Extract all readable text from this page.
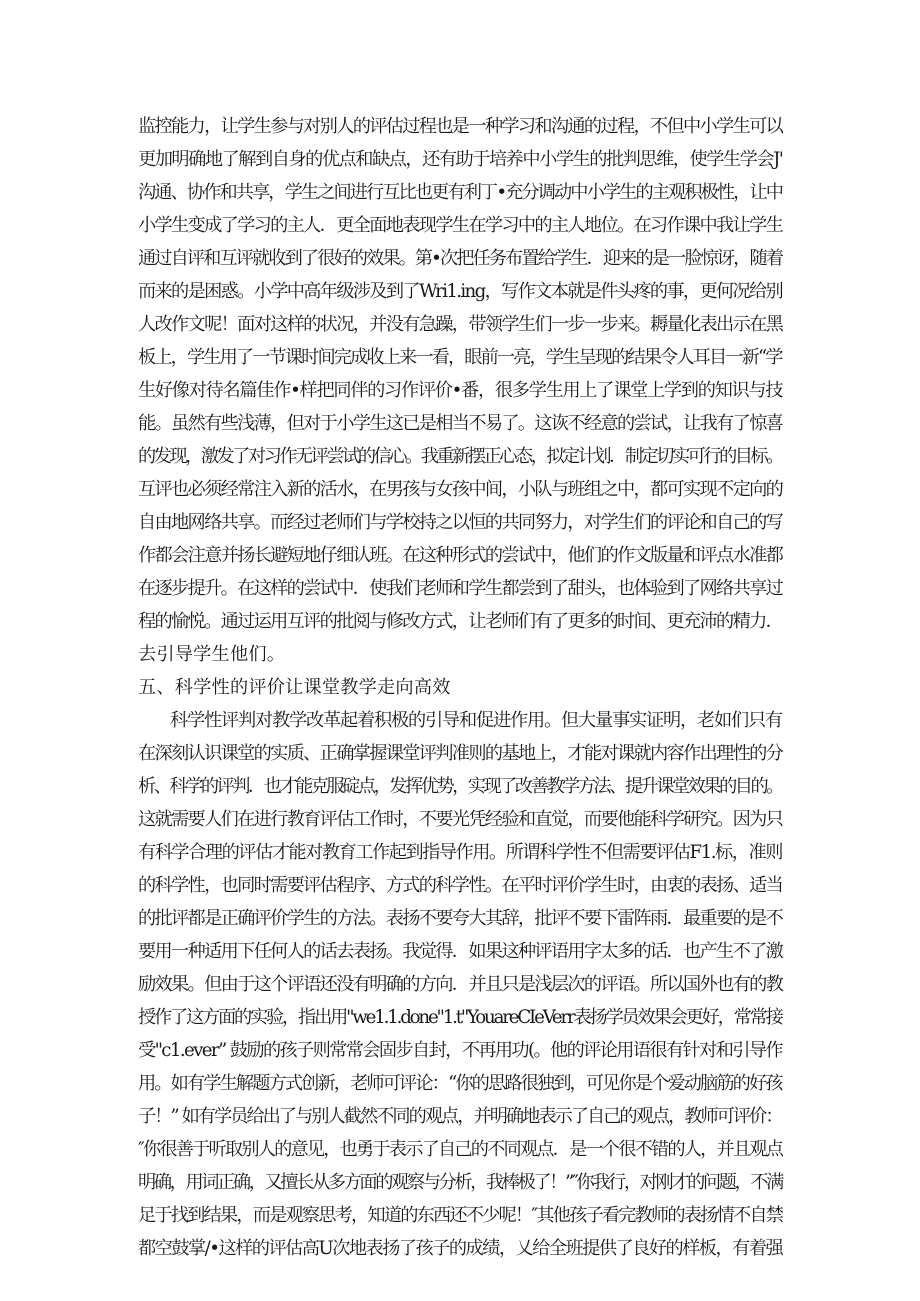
监控能力，让学生参与对别人的评估过程也是一种学习和沟通的过程，不但中小学生可以
更加明确地了解到自身的优点和缺点，还有助于培养中小学生的批判思维，使学生学会J'
沟通、协作和共享，学生之间进行互比也更有利丁•充分调动中小学生的主观积极性，让中
小学生变成了学习的主人．更全面地表现学生在学习中的主人地位。在习作课中我让学生
通过自评和互评就收到了很好的效果。第•次把任务布置给学生．迎来的是一脸惊讶，随着
而来的是困惑。小学中高年级涉及到了Wri1.ing，写作文本就是件头疼的事，更何况给别
人改作文呢！面对这样的状况，并没有急躁，带领学生们一步一步来。耨量化表出示在黑
板上，学生用了一节课时间完成收上来一看，眼前一亮，学生呈现的结果令人耳目一新“学
生好像对待名篇佳作•样把同伴的习作评价•番，很多学生用上了课堂上学到的知识与技
能。虽然有些浅薄，但对于小学生这已是相当不易了。这诙不经意的尝试，让我有了惊喜
的发现，激发了对习作无评尝试的信心。我重新摆正心态，拟定计划．制定切实可行的目标。
互评也必须经常注入新的活水，在男孩与女孩中间，小队与班组之中，都可实现不定向的
自由地网络共享。而经过老师们与学校持之以恒的共同努力，对学生们的评论和自己的写
作都会注意并扬长避短地仔细认班。在这种形式的尝试中，他们的作文版量和评点水准都
在逐步提升。在这样的尝试中．使我们老师和学生都尝到了甜头，也体验到了网络共享过
程的愉悦。通过运用互评的批阅与修改方式，让老师们有了更多的时间、更充沛的精力．
去引导学生他们。
五、科学性的评价让课堂教学走向高效
科学性评判对教学改革起着积极的引导和促进作用。但大量事实证明，老如们只有
在深刻认识课堂的实质、正确掌握课堂评判准则的基地上，才能对课就内容作出理性的分
析、科学的评判．也才能克服碇点，发挥优势，实现了改善教学方法、提升课堂效果的目的。
这就需要人们在进行教育评估工作时，不要光凭经验和直觉，而要他能科学研究。因为只
有科学合理的评估才能对教育工作起到指导作用。所谓科学性不但需要评估F1.标，准则
的科学性，也同时需要评估程序、方式的科学性。在平时评价学生时，由衷的表扬、适当
的批评都是正确评价学生的方法。表扬不要夸大其辞，批评不要下雷阵雨．最重要的是不
要用一种适用下任何人的话去表扬。我觉得．如果这种评语用字太多的话．也产生不了激
励效果。但由于这个评语还没有明确的方向．并且只是浅层次的评语。所以国外也有的教
授作了这方面的实验，指出用"we1.1.done"1.t"YouareCIeVerr表扬学员效果会更好，常常接
受"c1.ever” 鼓励的孩子则常常会固步自封，不再用功(。他的评论用语很有针对和引导作
用。如有学生解题方式创新，老师可评论：“你的思路很独到，可见你是个爱动脑筋的好孩
子！” 如有学员给出了与别人截然不同的观点，并明确地表示了自己的观点，教师可评价：
″你很善于听取别人的意见，也勇于表示了自己的不同观点．是一个很不错的人，并且观点
明确，用词正确，又擅长从多方面的观察与分析，我棒极了！”″你我行，对刚才的问题，不满
足于找到结果，而是观察思考，知道的东西还不少呢！″其他孩子看完教师的表扬情不自禁
都空鼓掌/•这样的评估高U次地表扬了孩子的成绩，乂给全班提供了良好的样板，有着强
